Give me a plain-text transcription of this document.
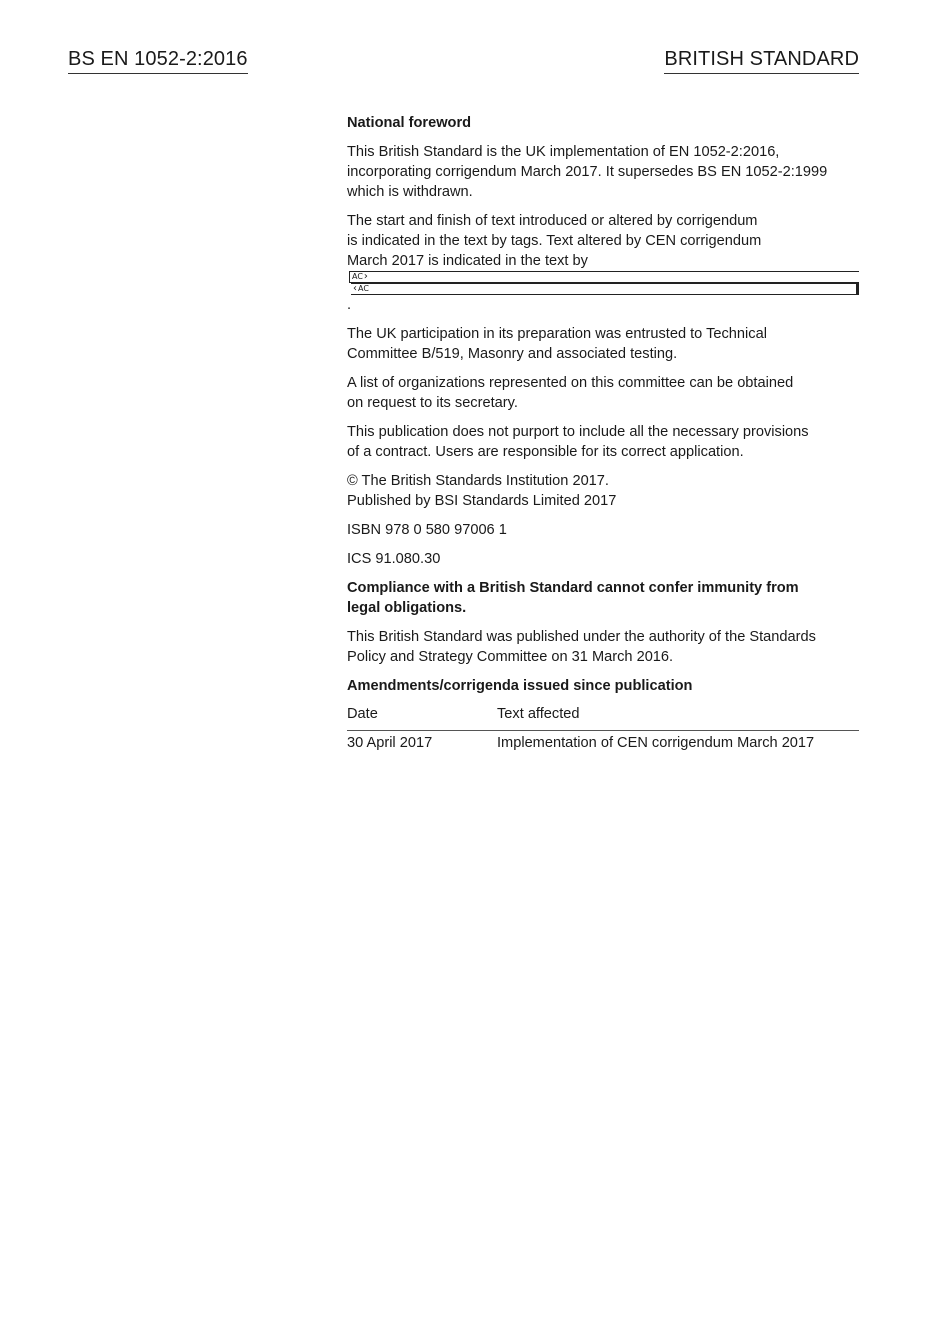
BS EN 1052-2:2016	BRITISH STANDARD

National foreword

This British Standard is the UK implementation of EN 1052-2:2016,
incorporating corrigendum March 2017. It supersedes BS EN 1052-2:1999
which is withdrawn.

The start and finish of text introduced or altered by corrigendum
is indicated in the text by tags. Text altered by CEN corrigendum
March 2017 is indicated in the text by
AC ›
‹ AC
.

The UK participation in its preparation was entrusted to Technical
Committee B/519, Masonry and associated testing.

A list of organizations represented on this committee can be obtained
on request to its secretary.

This publication does not purport to include all the necessary provisions
of a contract. Users are responsible for its correct application.

© The British Standards Institution 2017.
Published by BSI Standards Limited 2017

ISBN 978 0 580 97006 1

ICS 91.080.30

Compliance with a British Standard cannot confer immunity from
legal obligations.

This British Standard was published under the authority of the Standards
Policy and Strategy Committee on 31 March 2016.

Amendments/corrigenda issued since publication

Date	Text affected
30 April 2017	Implementation of CEN corrigendum March 2017
